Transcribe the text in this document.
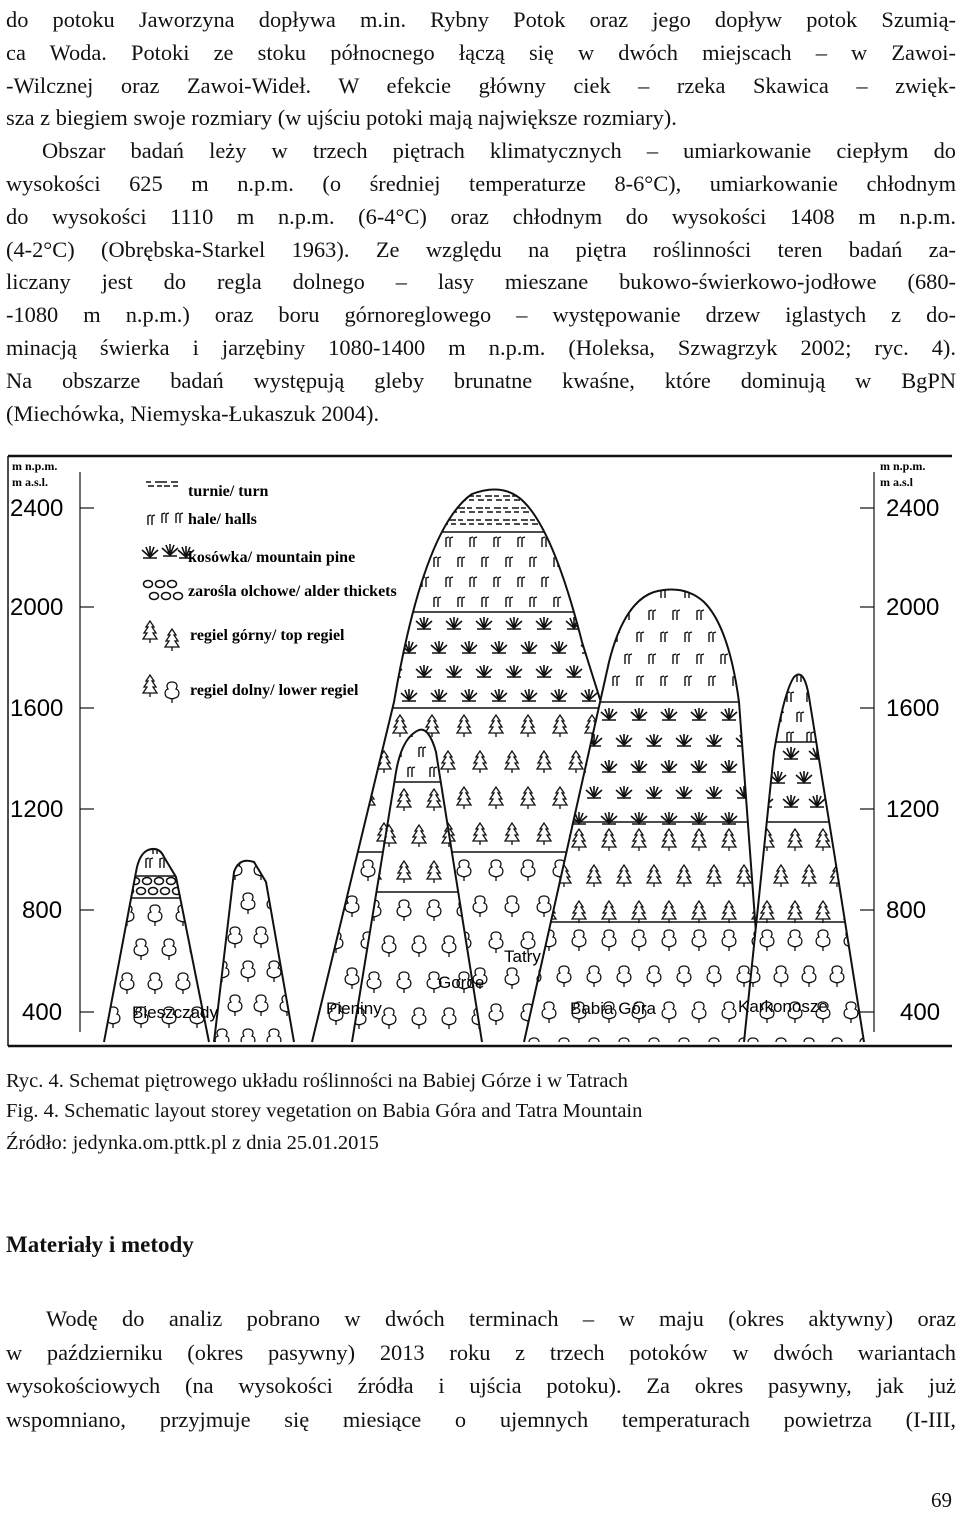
do potoku Jaworzyna dopływa m.in. Rybny Potok oraz jego dopływ potok Szumią-
ca Woda. Potoki ze stoku północnego łączą się w dwóch miejscach – w Zawoi-
-Wilcznej oraz Zawoi-Wideł. W efekcie główny ciek – rzeka Skawica – zwięk-
sza z biegiem swoje rozmiary (w ujściu potoki mają największe rozmiary).
Obszar badań leży w trzech piętrach klimatycznych – umiarkowanie ciepłym do
wysokości 625 m n.p.m. (o średniej temperaturze 8-6°C), umiarkowanie chłodnym
do wysokości 1110 m n.p.m. (6-4°C) oraz chłodnym do wysokości 1408 m n.p.m.
(4-2°C) (Obrębska-Starkel 1963). Ze względu na piętra roślinności teren badań za-
liczany jest do regla dolnego – lasy mieszane bukowo-świerkowo-jodłowe (680-
-1080 m n.p.m.) oraz boru górnoreglowego – występowanie drzew iglastych z do-
minacją świerka i jarzębiny 1080-1400 m n.p.m. (Holeksa, Szwagrzyk 2002; ryc. 4).
Na obszarze badań występują gleby brunatne kwaśne, które dominują w BgPN
(Miechówka, Niemyska-Łukaszuk 2004).
m n.p.m.
m a.s.l.
m n.p.m.
m a.s.l
2400
2000
1600
1200
800
400
2400
2000
1600
1200
800
400
turnie/ turn
hale/ halls
kosówka/ mountain pine
zarośla olchowe/ alder thickets
regiel górny/ top regiel
regiel dolny/ lower regiel
Bieszczady	Pieniny
Gorce
Tatry
Babia Góra	Karkonosze
Ryc. 4. Schemat piętrowego układu roślinności na Babiej Górze i w Tatrach
Fig. 4. Schematic layout storey vegetation on Babia Góra and Tatra Mountain
Źródło: jedynka.om.pttk.pl z dnia 25.01.2015
Materiały i metody
Wodę do analiz pobrano w dwóch terminach – w maju (okres aktywny) oraz
w październiku (okres pasywny) 2013 roku z trzech potoków w dwóch wariantach
wysokościowych (na wysokości źródła i ujścia potoku). Za okres pasywny, jak już
wspomniano, przyjmuje się miesiące o ujemnych temperaturach powietrza (I-III,
69
